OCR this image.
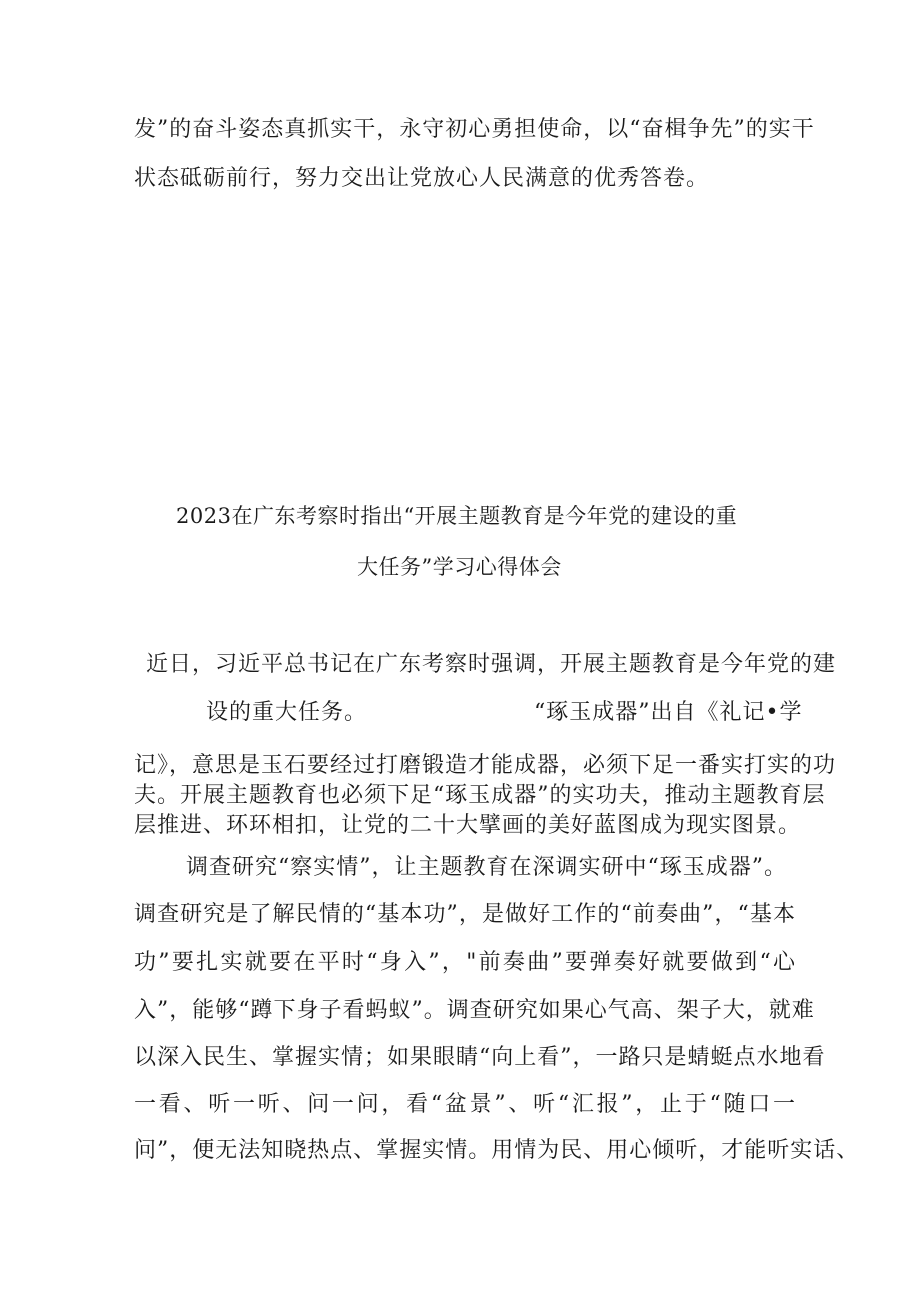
发”的奋斗姿态真抓实干，永守初心勇担使命，以“奋楫争先”的实干
状态砥砺前行，努力交出让党放心人民满意的优秀答卷。
2023在广东考察时指出“开展主题教育是今年党的建设的重
大任务”学习心得体会
近日，习近平总书记在广东考察时强调，开展主题教育是今年党的建
设的重大任务。	“琢玉成器”出自《礼记•学
记》，意思是玉石要经过打磨锻造才能成器，必须下足一番实打实的功
夫。开展主题教育也必须下足“琢玉成器”的实功夫，推动主题教育层
层推进、环环相扣，让党的二十大擘画的美好蓝图成为现实图景。
调查研究“察实情”，让主题教育在深调实研中“琢玉成器”。
调查研究是了解民情的“基本功”，是做好工作的“前奏曲”，“基本
功”要扎实就要在平时“身入”，"前奏曲”要弹奏好就要做到“心
入”，能够“蹲下身子看蚂蚁”。调查研究如果心气高、架子大，就难
以深入民生、掌握实情；如果眼睛“向上看”，一路只是蜻蜓点水地看
一看、听一听、问一问，看“盆景”、听“汇报”，止于“随口一
问”，便无法知晓热点、掌握实情。用情为民、用心倾听，才能听实话、
